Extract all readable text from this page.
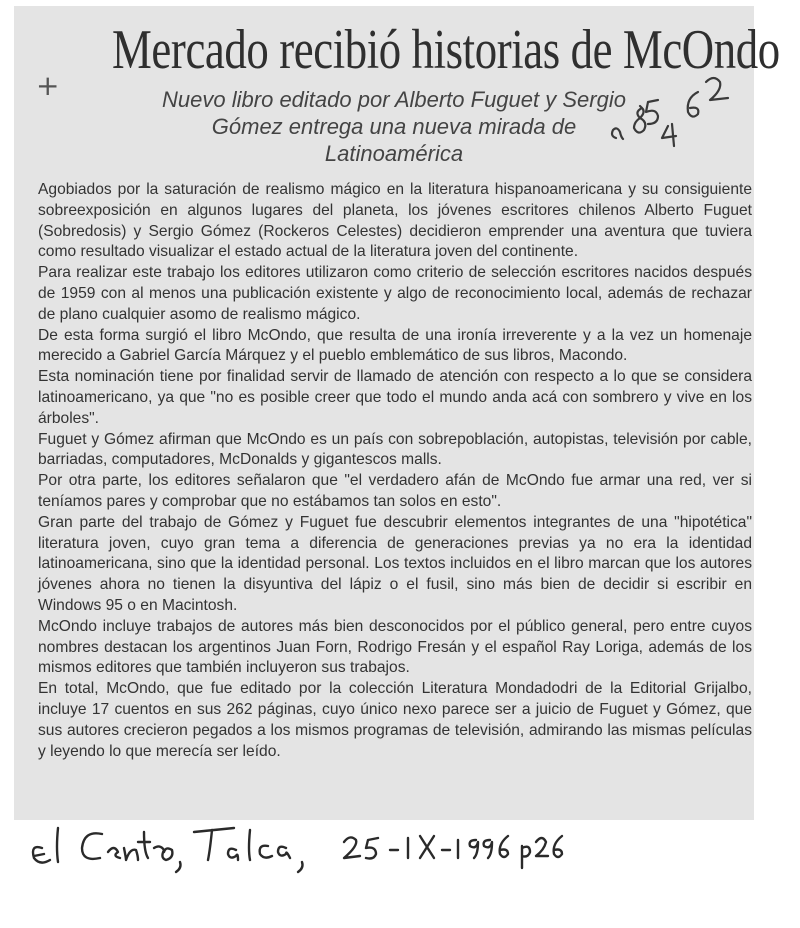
Mercado recibió historias de McOndo
Nuevo libro editado por Alberto Fuguet y Sergio
Gómez entrega una nueva mirada de
Latinoamérica

Agobiados por la saturación de realismo mágico en la literatura hispanoamericana y su consiguiente sobreexposición en algunos lugares del planeta, los jóvenes escritores chilenos Alberto Fuguet (Sobredosis) y Sergio Gómez (Rockeros Celestes) decidieron emprender una aventura que tuviera como resultado visualizar el estado actual de la literatura joven del continente.

Para realizar este trabajo los editores utilizaron como criterio de selección escritores nacidos después de 1959 con al menos una publicación existente y algo de reconocimiento local, además de rechazar de plano cualquier asomo de realismo mágico.

De esta forma surgió el libro McOndo, que resulta de una ironía irreverente y a la vez un homenaje merecido a Gabriel García Márquez y el pueblo emblemático de sus libros, Macondo.

Esta nominación tiene por finalidad servir de llamado de atención con respecto a lo que se considera latinoamericano, ya que "no es posible creer que todo el mundo anda acá con sombrero y vive en los árboles".

Fuguet y Gómez afirman que McOndo es un país con sobrepoblación, autopistas, televisión por cable, barriadas, computadores, McDonalds y gigantescos malls.

Por otra parte, los editores señalaron que "el verdadero afán de McOndo fue armar una red, ver si teníamos pares y comprobar que no estábamos tan solos en esto".

Gran parte del trabajo de Gómez y Fuguet fue descubrir elementos integrantes de una "hipotética" literatura joven, cuyo gran tema a diferencia de generaciones previas ya no era la identidad latinoamericana, sino que la identidad personal. Los textos incluidos en el libro marcan que los autores jóvenes ahora no tienen la disyuntiva del lápiz o el fusil, sino más bien de decidir si escribir en Windows 95 o en Macintosh.

McOndo incluye trabajos de autores más bien desconocidos por el público general, pero entre cuyos nombres destacan los argentinos Juan Forn, Rodrigo Fresán y el español Ray Loriga, además de los mismos editores que también incluyeron sus trabajos.

En total, McOndo, que fue editado por la colección Literatura Mondadodri de la Editorial Grijalbo, incluye 17 cuentos en sus 262 páginas, cuyo único nexo parece ser a juicio de Fuguet y Gómez, que sus autores crecieron pegados a los mismos programas de televisión, admirando las mismas películas y leyendo lo que merecía ser leído.

+
